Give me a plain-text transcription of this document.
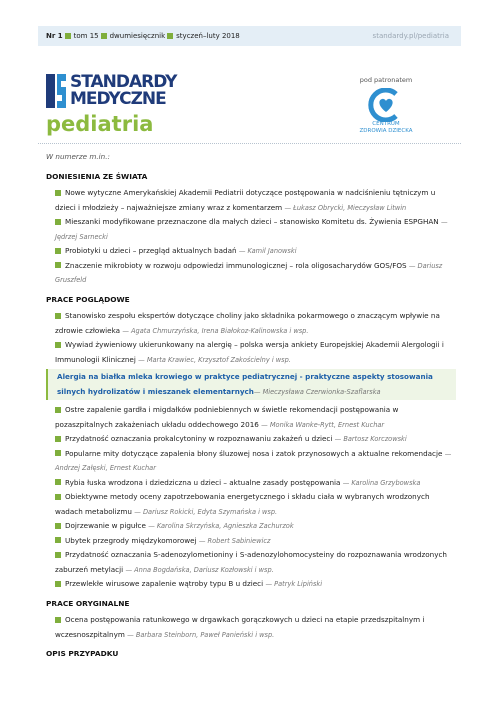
Nr 1 tom 15 dwumiesięcznik styczeń–luty 2018	standardy.pl/pediatria
STANDARDY
MEDYCZNE
pediatria
pod patronatem
CENTRUM
ZDROWIA DZIECKA
W numerze m.in.:
DONIESIENIA ZE ŚWIATA
Nowe wytyczne Amerykańskiej Akademii Pediatrii dotyczące postępowania w nadciśnieniu tętniczym u dzieci i młodzieży – najważniejsze zmiany wraz z komentarzem — Łukasz Obrycki, Mieczysław Litwin
Mieszanki modyfikowane przeznaczone dla małych dzieci – stanowisko Komitetu ds. Żywienia ESPGHAN — Jędrzej Sarnecki
Probiotyki u dzieci – przegląd aktualnych badań — Kamil Janowski
Znaczenie mikrobioty w rozwoju odpowiedzi immunologicznej – rola oligosacharydów GOS/FOS — Dariusz Gruszfeld
PRACE POGLĄDOWE
Stanowisko zespołu ekspertów dotyczące choliny jako składnika pokarmowego o znaczącym wpływie na zdrowie człowieka — Agata Chmurzyńska, Irena Białokoz-Kalinowska i wsp.
Wywiad żywieniowy ukierunkowany na alergię – polska wersja ankiety Europejskiej Akademii Alergologii i Immunologii Klinicznej — Marta Krawiec, Krzysztof Zakościelny i wsp.
Alergia na białka mleka krowiego w praktyce pediatrycznej - praktyczne aspekty stosowania silnych hydrolizatów i mieszanek elementarnych— Mieczysława Czerwionka-Szaflarska
Ostre zapalenie gardła i migdałków podniebiennych w świetle rekomendacji postępowania w pozaszpitalnych zakażeniach układu oddechowego 2016 — Monika Wanke-Rytt, Ernest Kuchar
Przydatność oznaczania prokalcytoniny w rozpoznawaniu zakażeń u dzieci — Bartosz Korczowski
Popularne mity dotyczące zapalenia błony śluzowej nosa i zatok przynosowych a aktualne rekomendacje — Andrzej Załęski, Ernest Kuchar
Rybia łuska wrodzona i dziedziczna u dzieci – aktualne zasady postępowania — Karolina Grzybowska
Obiektywne metody oceny zapotrzebowania energetycznego i składu ciała w wybranych wrodzonych wadach metabolizmu — Dariusz Rokicki, Edyta Szymańska i wsp.
Dojrzewanie w pigułce — Karolina Skrzyńska, Agnieszka Zachurzok
Ubytek przegrody międzykomorowej — Robert Sabiniewicz
Przydatność oznaczania S-adenozylometioniny i S-adenozylohomocysteiny do rozpoznawania wrodzonych zaburzeń metylacji — Anna Bogdańska, Dariusz Kozłowski i wsp.
Przewlekłe wirusowe zapalenie wątroby typu B u dzieci — Patryk Lipiński
PRACE ORYGINALNE
Ocena postępowania ratunkowego w drgawkach gorączkowych u dzieci na etapie przedszpitalnym i wczesnoszpitalnym — Barbara Steinborn, Paweł Panieński i wsp.
OPIS PRZYPADKU
